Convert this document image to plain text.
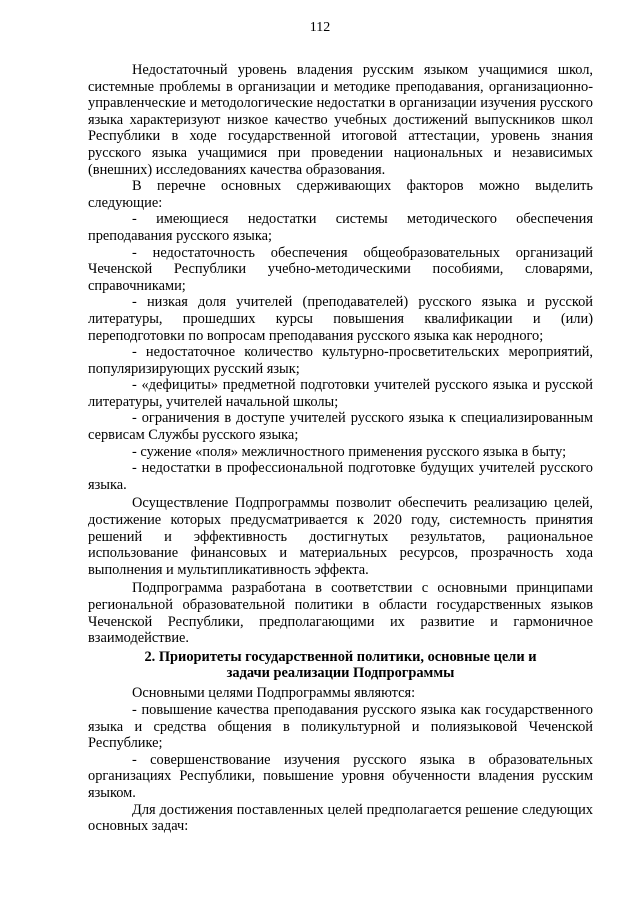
112

Недостаточный уровень владения русским языком учащимися школ, системные проблемы в организации и методике преподавания, организационно-управленческие и методологические недостатки в организации изучения русского языка характеризуют низкое качество учебных достижений выпускников школ Республики в ходе государственной итоговой аттестации, уровень знания русского языка учащимися при проведении национальных и независимых (внешних) исследованиях качества образования.

В перечне основных сдерживающих факторов можно выделить следующие:

- имеющиеся недостатки системы методического обеспечения преподавания русского языка;

- недостаточность обеспечения общеобразовательных организаций Чеченской Республики учебно-методическими пособиями, словарями, справочниками;

- низкая доля учителей (преподавателей) русского языка и русской литературы, прошедших курсы повышения квалификации и (или) переподготовки по вопросам преподавания русского языка как неродного;

- недостаточное количество культурно-просветительских мероприятий, популяризирующих русский язык;

- «дефициты» предметной подготовки учителей русского языка и русской литературы, учителей начальной школы;

- ограничения в доступе учителей русского языка к специализированным сервисам Службы русского языка;

- сужение «поля» межличностного применения русского языка в быту;

- недостатки в профессиональной подготовке будущих учителей русского языка.

Осуществление Подпрограммы позволит обеспечить реализацию целей, достижение которых предусматривается к 2020 году, системность принятия решений и эффективность достигнутых результатов, рациональное использование финансовых и материальных ресурсов, прозрачность хода выполнения и мультипликативность эффекта.

Подпрограмма разработана в соответствии с основными принципами региональной образовательной политики в области государственных языков Чеченской Республики, предполагающими их развитие и гармоничное взаимодействие.

2. Приоритеты государственной политики, основные цели и
задачи реализации Подпрограммы

Основными целями Подпрограммы являются:

- повышение качества преподавания русского языка как государственного языка и средства общения в поликультурной и полиязыковой Чеченской Республике;

- совершенствование изучения русского языка в образовательных организациях Республики, повышение уровня обученности владения русским языком.

Для достижения поставленных целей предполагается решение следующих основных задач:
